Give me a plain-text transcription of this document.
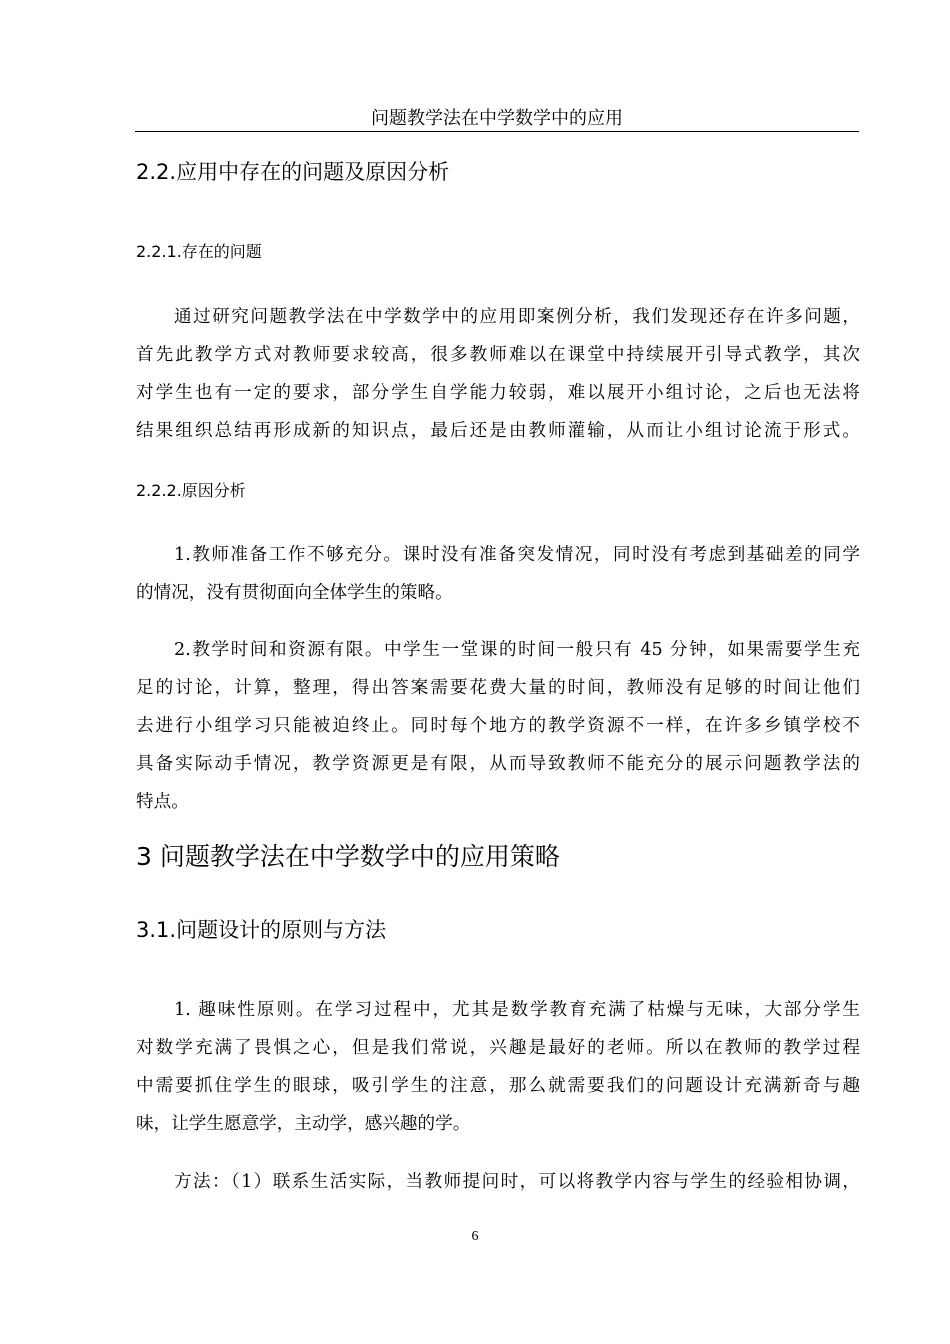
问题教学法在中学数学中的应用
2.2.应用中存在的问题及原因分析
2.2.1.存在的问题
通过研究问题教学法在中学数学中的应用即案例分析，我们发现还存在许多问题，
首先此教学方式对教师要求较高，很多教师难以在课堂中持续展开引导式教学，其次
对学生也有一定的要求，部分学生自学能力较弱，难以展开小组讨论，之后也无法将
结果组织总结再形成新的知识点，最后还是由教师灌输，从而让小组讨论流于形式。
2.2.2.原因分析
1.教师准备工作不够充分。课时没有准备突发情况，同时没有考虑到基础差的同学
的情况，没有贯彻面向全体学生的策略。
2.教学时间和资源有限。中学生一堂课的时间一般只有 45 分钟，如果需要学生充
足的讨论，计算，整理，得出答案需要花费大量的时间，教师没有足够的时间让他们
去进行小组学习只能被迫终止。同时每个地方的教学资源不一样，在许多乡镇学校不
具备实际动手情况，教学资源更是有限，从而导致教师不能充分的展示问题教学法的
特点。
3 问题教学法在中学数学中的应用策略
3.1.问题设计的原则与方法
1. 趣味性原则。在学习过程中，尤其是数学教育充满了枯燥与无味，大部分学生
对数学充满了畏惧之心，但是我们常说，兴趣是最好的老师。所以在教师的教学过程
中需要抓住学生的眼球，吸引学生的注意，那么就需要我们的问题设计充满新奇与趣
味，让学生愿意学，主动学，感兴趣的学。
方法：（1）联系生活实际，当教师提问时，可以将教学内容与学生的经验相协调，
6
